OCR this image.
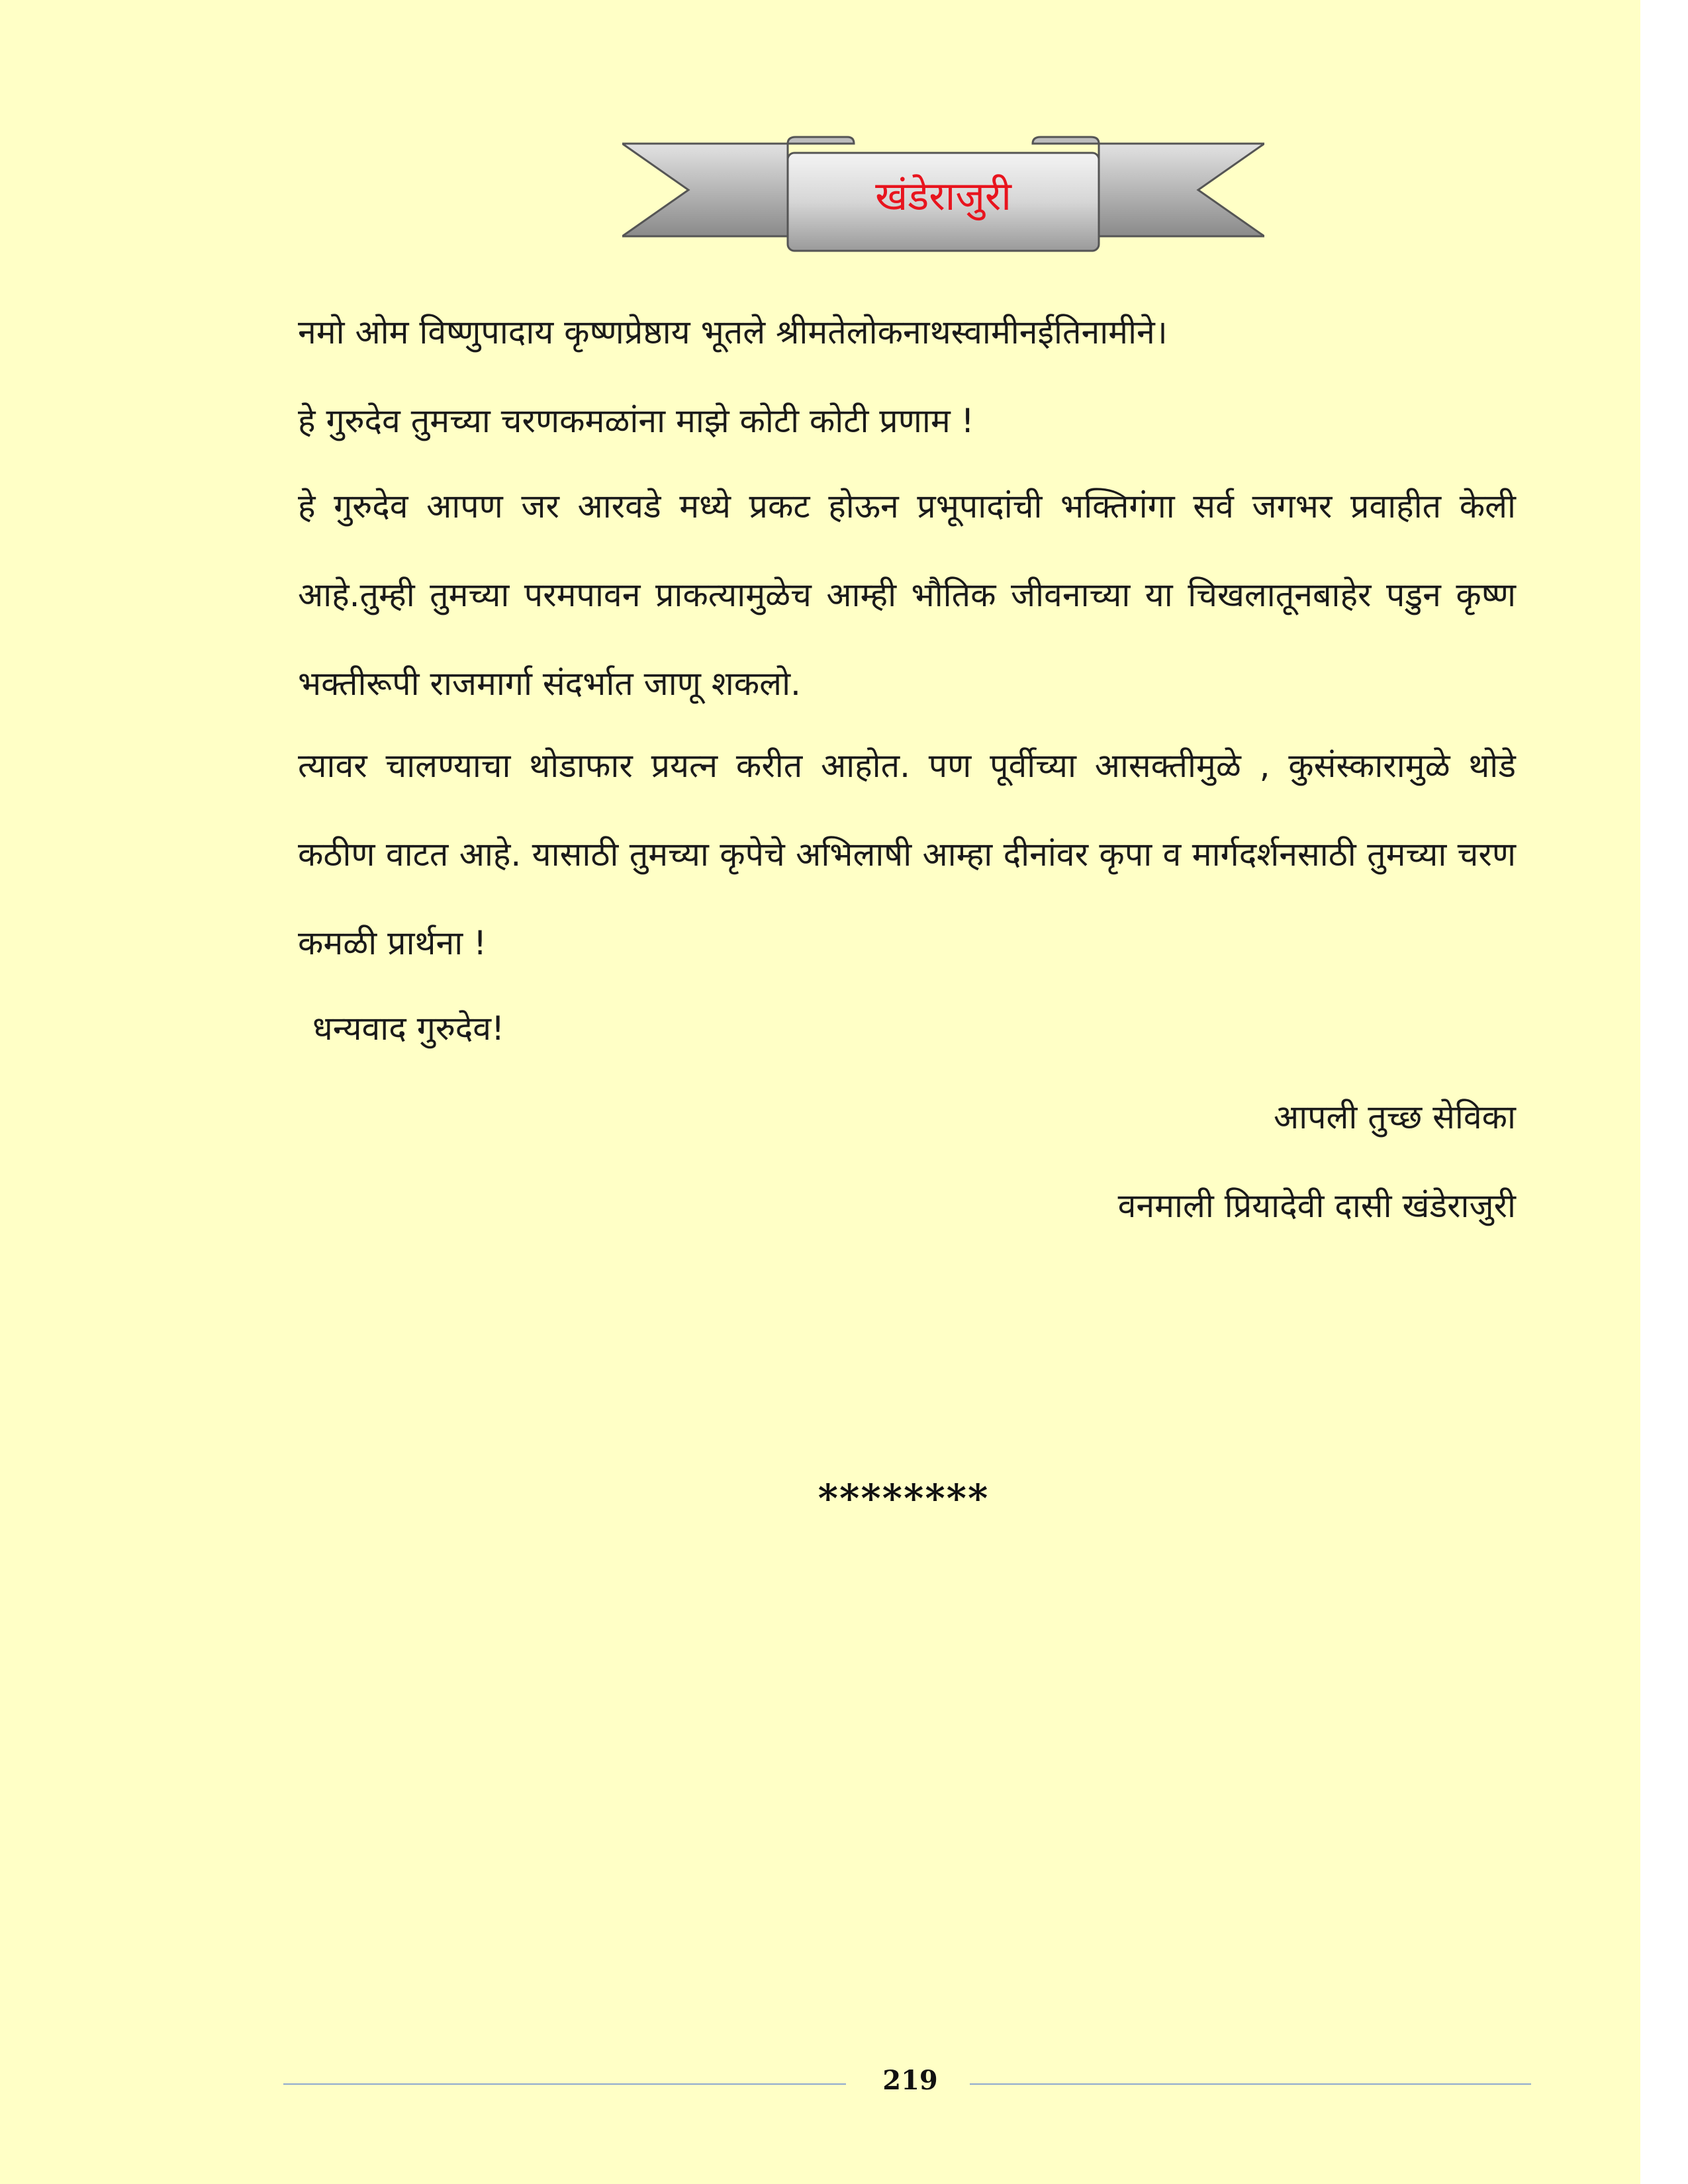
खंडेराजुरी

नमो ओम विष्णुपादाय कृष्णप्रेष्ठाय भूतले श्रीमतेलोकनाथस्वामीनईतिनामीने।

हे गुरुदेव तुमच्या चरणकमळांना माझे कोटी कोटी प्रणाम !

हे गुरुदेव आपण जर आरवडे मध्ये प्रकट होऊन प्रभूपादांची भक्तिगंगा सर्व जगभर प्रवाहीत केली आहे.तुम्ही तुमच्या परमपावन प्राकत्यामुळेच आम्ही भौतिक जीवनाच्या या चिखलातूनबाहेर पडुन कृष्ण भक्तीरूपी राजमार्गा संदर्भात जाणू शकलो.

त्यावर चालण्याचा थोडाफार प्रयत्न करीत आहोत. पण पूर्वीच्या आसक्तीमुळे , कुसंस्कारामुळे थोडे कठीण वाटत आहे. यासाठी तुमच्या कृपेचे अभिलाषी आम्हा दीनांवर कृपा व मार्गदर्शनसाठी तुमच्या चरण कमळी प्रार्थना !

धन्यवाद गुरुदेव!

आपली तुच्छ सेविका

वनमाली प्रियादेवी दासी खंडेराजुरी

********
219
